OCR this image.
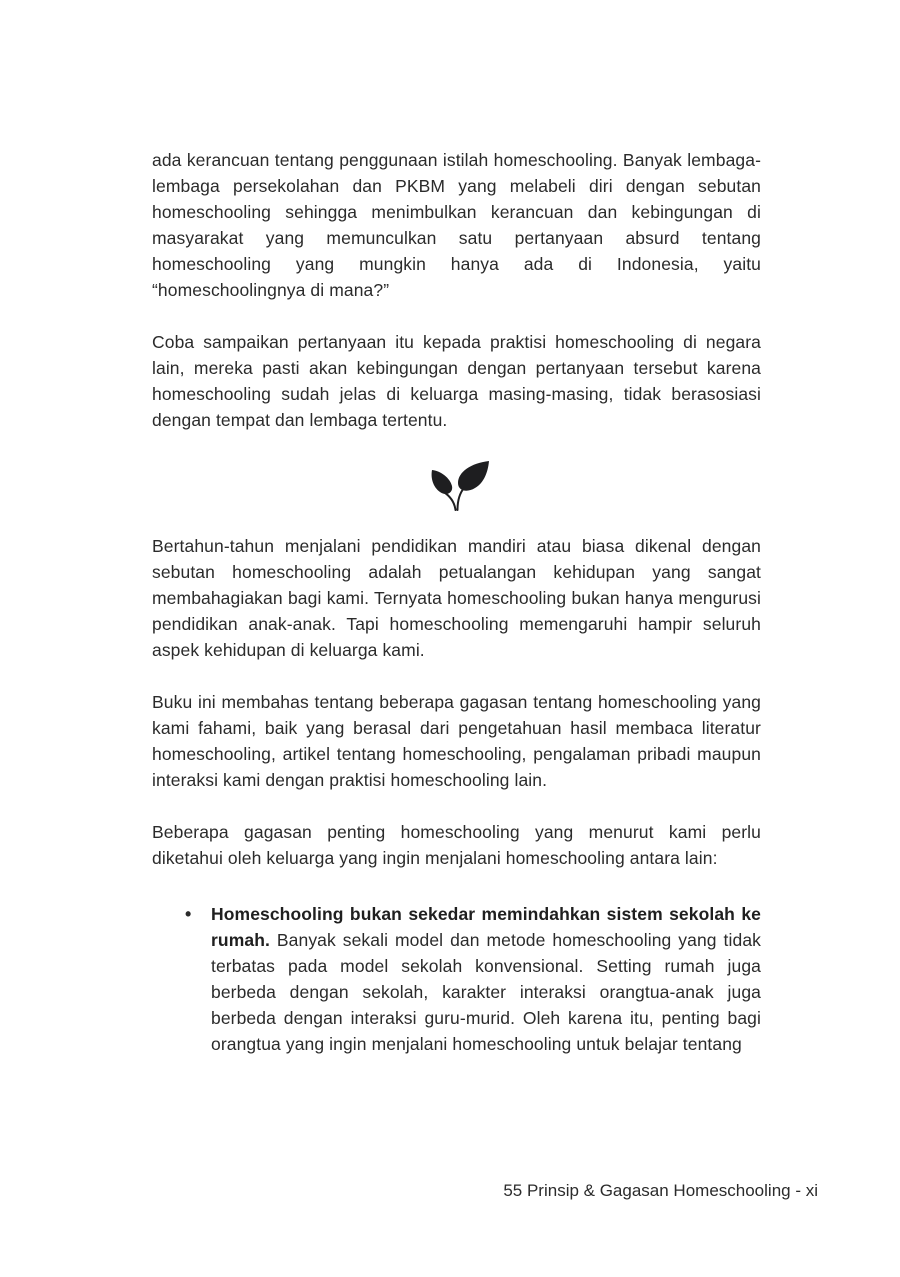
ada kerancuan tentang penggunaan istilah homeschooling. Banyak lembaga-lembaga persekolahan dan PKBM yang melabeli diri dengan sebutan homeschooling sehingga menimbulkan kerancuan dan kebingungan di masyarakat yang memunculkan satu pertanyaan absurd tentang homeschooling yang mungkin hanya ada di Indonesia, yaitu “homeschoolingnya di mana?”

Coba sampaikan pertanyaan itu kepada praktisi homeschooling di negara lain, mereka pasti akan kebingungan dengan pertanyaan tersebut karena homeschooling sudah jelas di keluarga masing-masing, tidak berasosiasi dengan tempat dan lembaga tertentu.

Bertahun-tahun menjalani pendidikan mandiri atau biasa dikenal dengan sebutan homeschooling adalah petualangan kehidupan yang sangat membahagiakan bagi kami. Ternyata homeschooling bukan hanya mengurusi pendidikan anak-anak. Tapi homeschooling memengaruhi hampir seluruh aspek kehidupan di keluarga kami.

Buku ini membahas tentang beberapa gagasan tentang homeschooling yang kami fahami, baik yang berasal dari pengetahuan hasil membaca literatur homeschooling, artikel tentang homeschooling, pengalaman pribadi maupun interaksi kami dengan praktisi homeschooling lain.

Beberapa gagasan penting homeschooling yang menurut kami perlu diketahui oleh keluarga yang ingin menjalani homeschooling antara lain:

• Homeschooling bukan sekedar memindahkan sistem sekolah ke rumah. Banyak sekali model dan metode homeschooling yang tidak terbatas pada model sekolah konvensional. Setting rumah juga berbeda dengan sekolah, karakter interaksi orangtua-anak juga berbeda dengan interaksi guru-murid. Oleh karena itu, penting bagi orangtua yang ingin menjalani homeschooling untuk belajar tentang
55 Prinsip & Gagasan Homeschooling - xi
